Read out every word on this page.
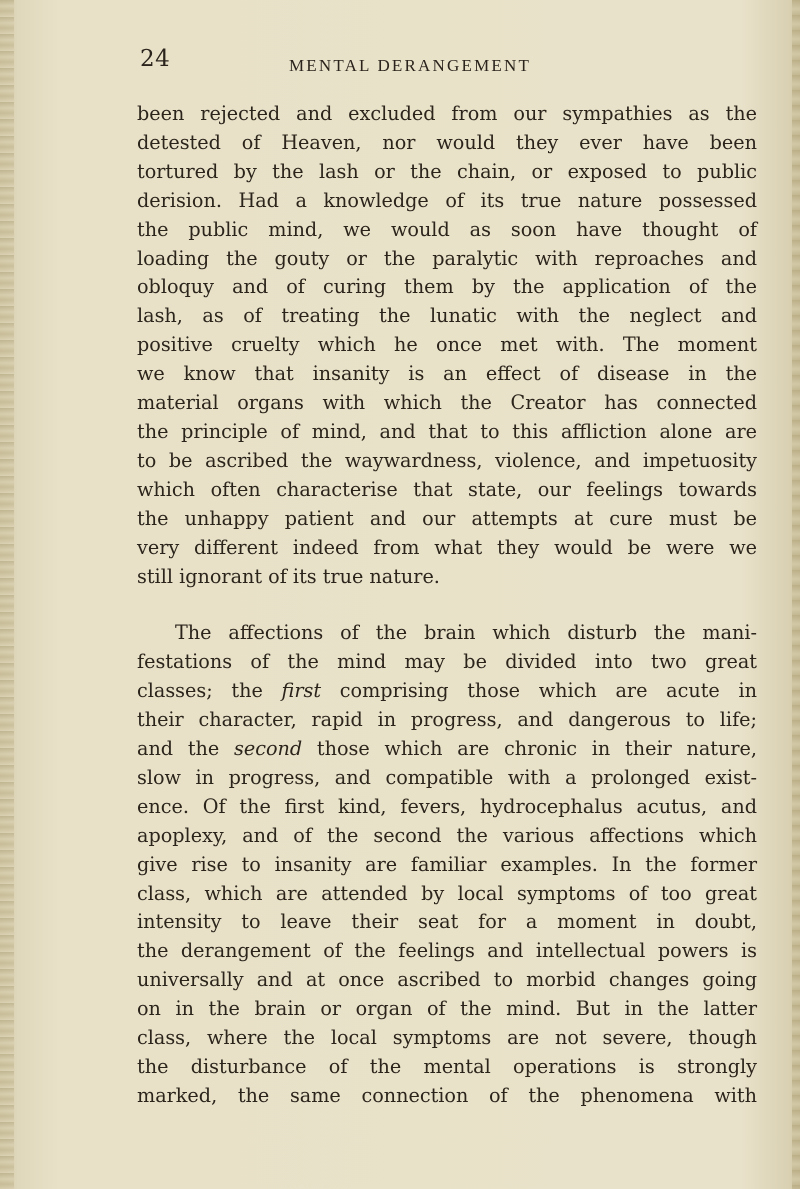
24	MENTAL DERANGEMENT
been rejected and excluded from our sympathies as the
detested of Heaven, nor would they ever have been
tortured by the lash or the chain, or exposed to public
derision. Had a knowledge of its true nature possessed
the public mind, we would as soon have thought of
loading the gouty or the paralytic with reproaches and
obloquy and of curing them by the application of the
lash, as of treating the lunatic with the neglect and
positive cruelty which he once met with. The moment
we know that insanity is an effect of disease in the
material organs with which the Creator has connected
the principle of mind, and that to this affliction alone are
to be ascribed the waywardness, violence, and impetuosity
which often characterise that state, our feelings towards
the unhappy patient and our attempts at cure must be
very different indeed from what they would be were we
still ignorant of its true nature.
The affections of the brain which disturb the mani-
festations of the mind may be divided into two great
classes; the first comprising those which are acute in
their character, rapid in progress, and dangerous to life;
and the second those which are chronic in their nature,
slow in progress, and compatible with a prolonged exist-
ence. Of the first kind, fevers, hydrocephalus acutus, and
apoplexy, and of the second the various affections which
give rise to insanity are familiar examples. In the former
class, which are attended by local symptoms of too great
intensity to leave their seat for a moment in doubt,
the derangement of the feelings and intellectual powers is
universally and at once ascribed to morbid changes going
on in the brain or organ of the mind. But in the latter
class, where the local symptoms are not severe, though
the disturbance of the mental operations is strongly
marked, the same connection of the phenomena with
